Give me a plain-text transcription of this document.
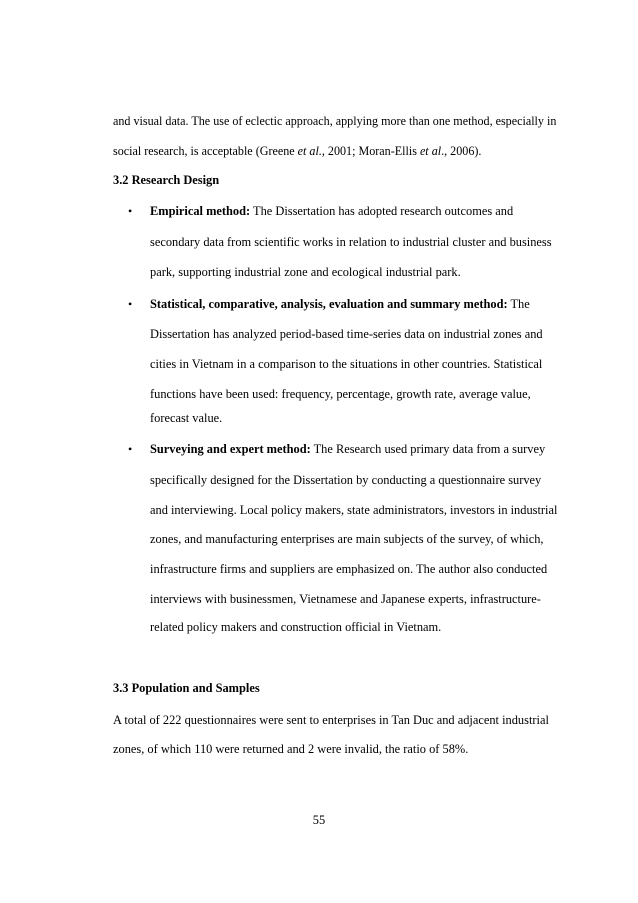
and visual data. The use of eclectic approach, applying more than one method, especially in
social research, is acceptable (Greene et al., 2001; Moran-Ellis et al., 2006).
3.2 Research Design
• Empirical method: The Dissertation has adopted research outcomes and
secondary data from scientific works in relation to industrial cluster and business
park, supporting industrial zone and ecological industrial park.
• Statistical, comparative, analysis, evaluation and summary method: The
Dissertation has analyzed period-based time-series data on industrial zones and
cities in Vietnam in a comparison to the situations in other countries. Statistical
functions have been used: frequency, percentage, growth rate, average value,
forecast value.
• Surveying and expert method: The Research used primary data from a survey
specifically designed for the Dissertation by conducting a questionnaire survey
and interviewing. Local policy makers, state administrators, investors in industrial
zones, and manufacturing enterprises are main subjects of the survey, of which,
infrastructure firms and suppliers are emphasized on. The author also conducted
interviews with businessmen, Vietnamese and Japanese experts, infrastructure-
related policy makers and construction official in Vietnam.
3.3 Population and Samples
A total of 222 questionnaires were sent to enterprises in Tan Duc and adjacent industrial
zones, of which 110 were returned and 2 were invalid, the ratio of 58%.
55
